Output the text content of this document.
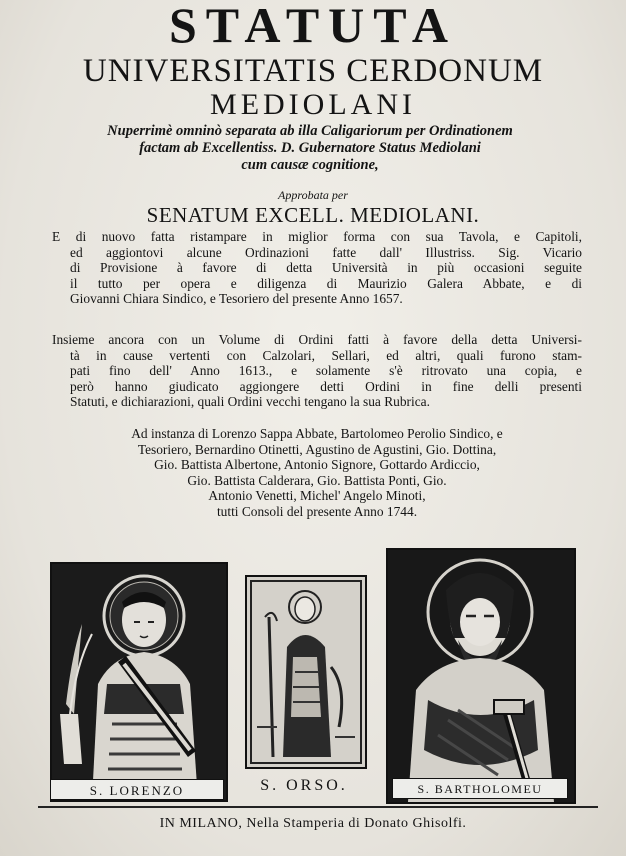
STATUTA
UNIVERSITATIS CERDONUM
MEDIOLANI
Nuperrimè omninò separata ab illa Caligariorum per Ordinationem
factam ab Excellentiss. D. Gubernatore Status Mediolani
cum causæ cognitione,
Approbata per
SENATUM EXCELL. MEDIOLANI.
E di nuovo fatta ristampare in miglior forma con sua Tavola, e Capitoli,
ed aggiontovi alcune Ordinazioni fatte dall' Illustriss. Sig. Vicario
di Provisione à favore di detta Università in più occasioni seguite
il tutto per opera e diligenza di Maurizio Galera Abbate, e di
Giovanni Chiara Sindico, e Tesoriero del presente Anno 1657.
Insieme ancora con un Volume di Ordini fatti à favore della detta Universi-
tà in cause vertenti con Calzolari, Sellari, ed altri, quali furono stam-
pati fino dell' Anno 1613., e solamente s'è ritrovato una copia, e
però hanno giudicato aggiongere detti Ordini in fine delli presenti
Statuti, e dichiarazioni, quali Ordini vecchi tengano la sua Rubrica.
Ad instanza di Lorenzo Sappa Abbate, Bartolomeo Perolio Sindico, e
Tesoriero, Bernardino Otinetti, Agustino de Agustini, Gio. Dottina,
Gio. Battista Albertone, Antonio Signore, Gottardo Ardiccio,
Gio. Battista Calderara, Gio. Battista Ponti, Gio.
Antonio Venetti, Michel' Angelo Minoti,
tutti Consoli del presente Anno 1744.
S. LORENZO	S. ORSO.	S. BARTHOLOMEU
IN MILANO, Nella Stamperia di Donato Ghisolfi.
